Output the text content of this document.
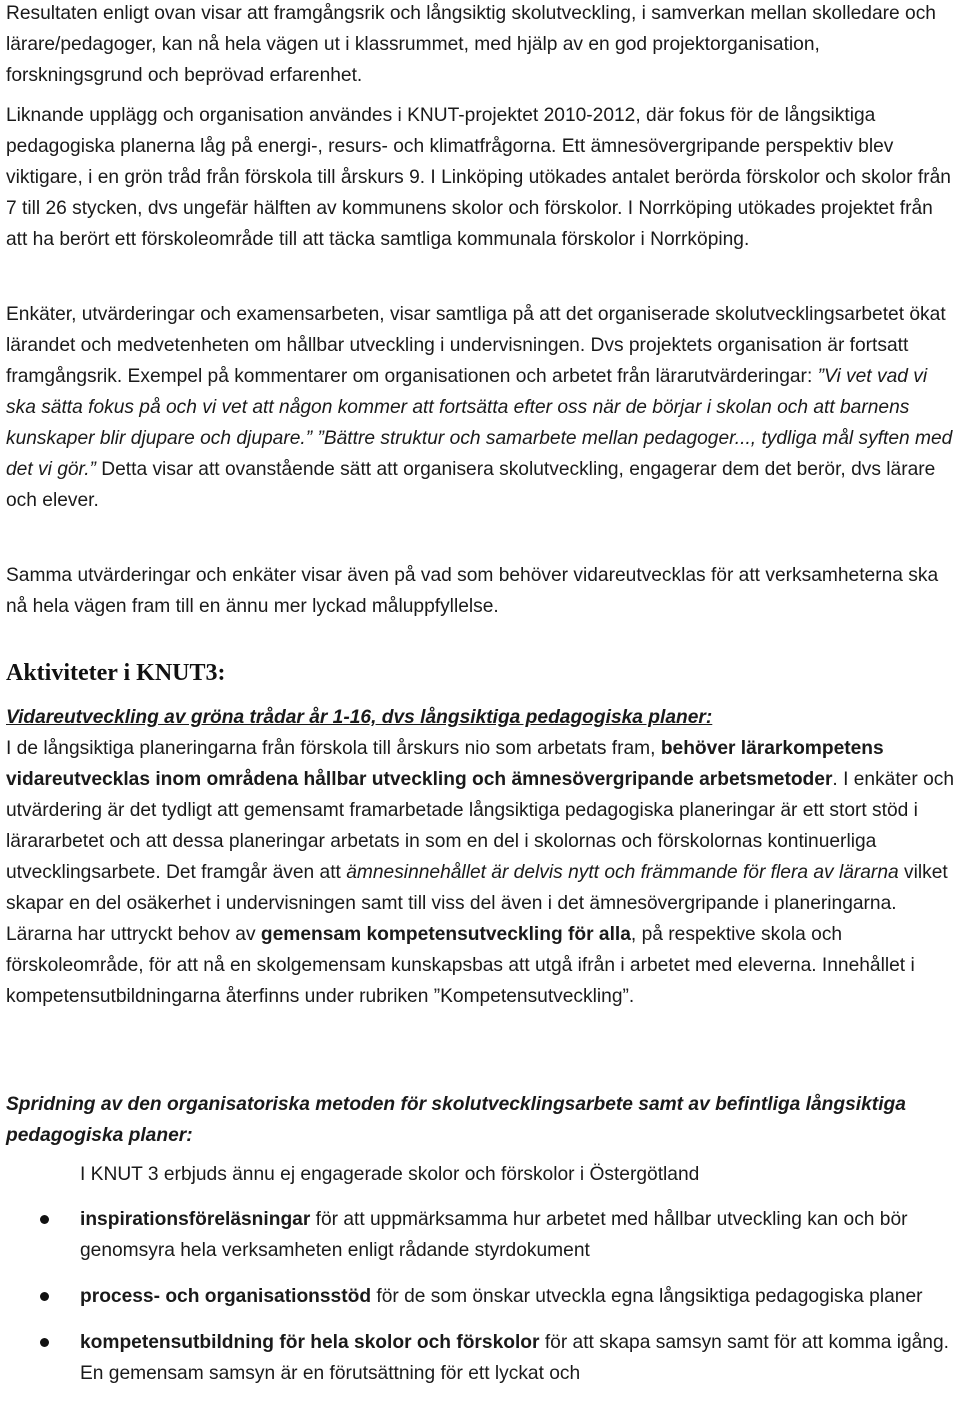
Resultaten enligt ovan visar att framgångsrik och långsiktig skolutveckling, i samverkan mellan skolledare och lärare/pedagoger, kan nå hela vägen ut i klassrummet, med hjälp av en god projektorganisation, forskningsgrund och beprövad erfarenhet.

Liknande upplägg och organisation användes i KNUT-projektet 2010-2012, där fokus för de långsiktiga pedagogiska planerna låg på energi-, resurs- och klimatfrågorna. Ett ämnesövergripande perspektiv blev viktigare, i en grön tråd från förskola till årskurs 9. I Linköping utökades antalet berörda förskolor och skolor från 7 till 26 stycken, dvs ungefär hälften av kommunens skolor och förskolor. I Norrköping utökades projektet från att ha berört ett förskoleområde till att täcka samtliga kommunala förskolor i Norrköping.

Enkäter, utvärderingar och examensarbeten, visar samtliga på att det organiserade skolutvecklingsarbetet ökat lärandet och medvetenheten om hållbar utveckling i undervisningen. Dvs projektets organisation är fortsatt framgångsrik. Exempel på kommentarer om organisationen och arbetet från lärarutvärderingar: ”Vi vet vad vi ska sätta fokus på och vi vet att någon kommer att fortsätta efter oss när de börjar i skolan och att barnens kunskaper blir djupare och djupare.” ”Bättre struktur och samarbete mellan pedagoger..., tydliga mål syften med det vi gör.” Detta visar att ovanstående sätt att organisera skolutveckling, engagerar dem det berör, dvs lärare och elever.

Samma utvärderingar och enkäter visar även på vad som behöver vidareutvecklas för att verksamheterna ska nå hela vägen fram till en ännu mer lyckad måluppfyllelse.

Aktiviteter i KNUT3:

Vidareutveckling av gröna trådar år 1-16, dvs långsiktiga pedagogiska planer:

I de långsiktiga planeringarna från förskola till årskurs nio som arbetats fram, behöver lärarkompetens vidareutvecklas inom områdena hållbar utveckling och ämnesövergripande arbetsmetoder. I enkäter och utvärdering är det tydligt att gemensamt framarbetade långsiktiga pedagogiska planeringar är ett stort stöd i lärararbetet och att dessa planeringar arbetats in som en del i skolornas och förskolornas kontinuerliga utvecklingsarbete. Det framgår även att ämnesinnehållet är delvis nytt och främmande för flera av lärarna vilket skapar en del osäkerhet i undervisningen samt till viss del även i det ämnesövergripande i planeringarna. Lärarna har uttryckt behov av gemensam kompetensutveckling för alla, på respektive skola och förskoleområde, för att nå en skolgemensam kunskapsbas att utgå ifrån i arbetet med eleverna. Innehållet i kompetensutbildningarna återfinns under rubriken ”Kompetensutveckling”.

Spridning av den organisatoriska metoden för skolutvecklingsarbete samt av befintliga långsiktiga pedagogiska planer:

I KNUT 3 erbjuds ännu ej engagerade skolor och förskolor i Östergötland

inspirationsföreläsningar för att uppmärksamma hur arbetet med hållbar utveckling kan och bör genomsyra hela verksamheten enligt rådande styrdokument
process- och organisationsstöd för de som önskar utveckla egna långsiktiga pedagogiska planer
kompetensutbildning för hela skolor och förskolor för att skapa samsyn samt för att komma igång. En gemensam samsyn är en förutsättning för ett lyckat och
